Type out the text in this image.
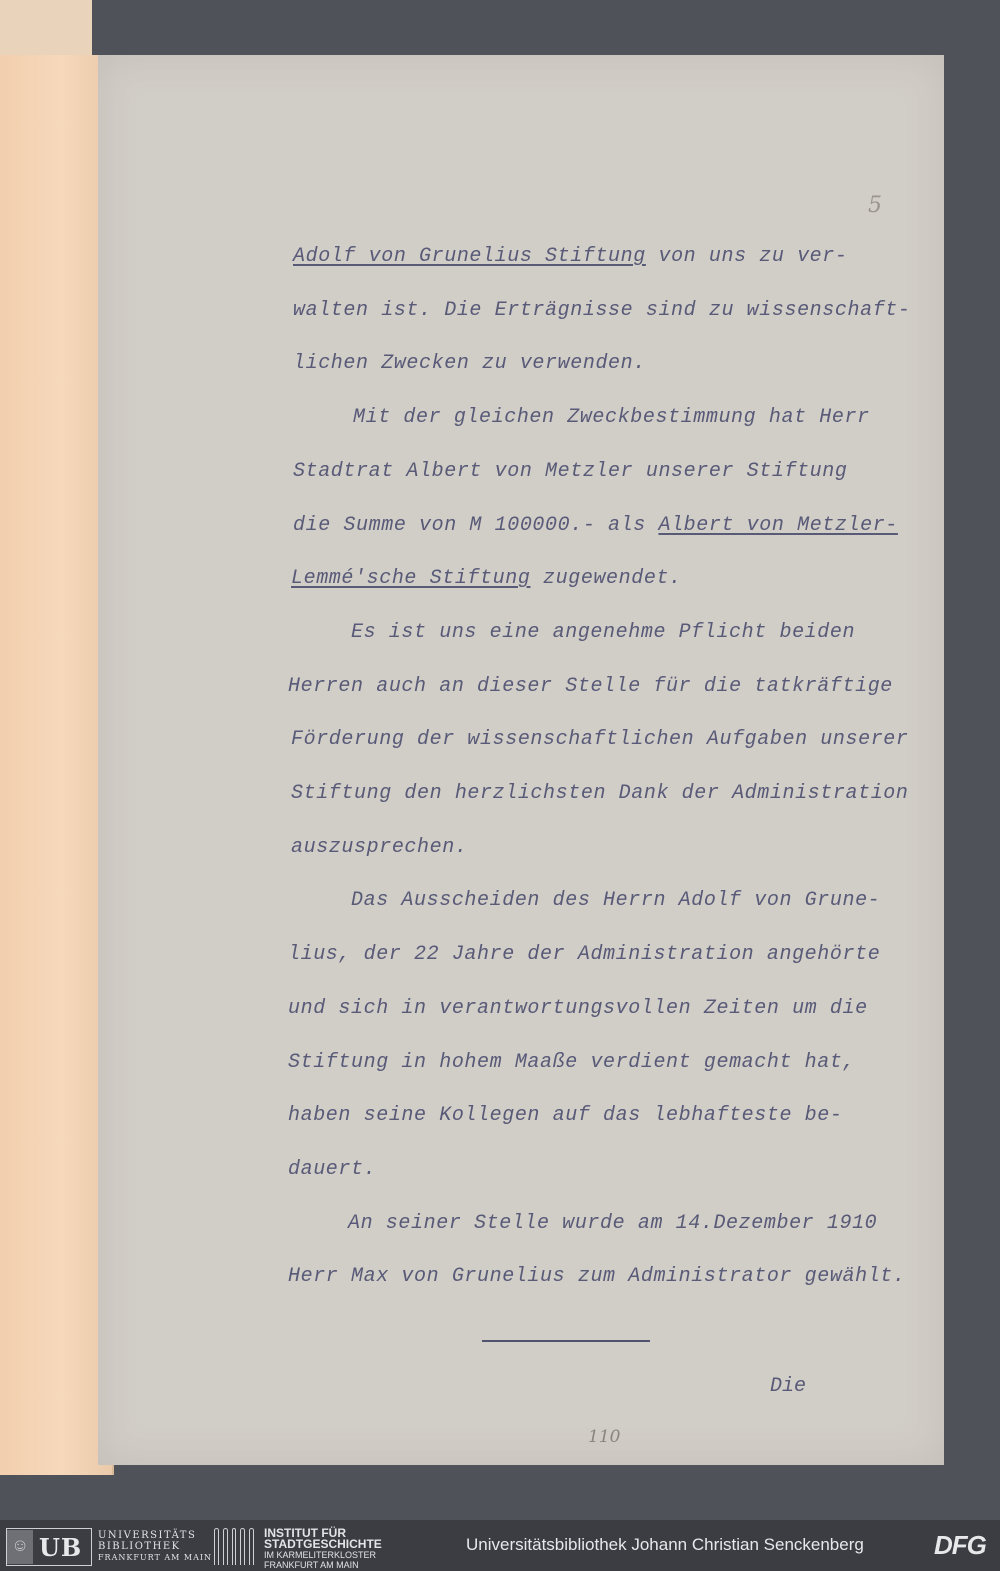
5
Adolf von Grunelius Stiftung von uns zu ver-
walten ist. Die Erträgnisse sind zu wissenschaft-
lichen Zwecken zu verwenden.
Mit der gleichen Zweckbestimmung hat Herr
Stadtrat Albert von Metzler unserer Stiftung
die Summe von M 100000.- als Albert von Metzler-
Lemmé'sche Stiftung zugewendet.
Es ist uns eine angenehme Pflicht beiden
Herren auch an dieser Stelle für die tatkräftige
Förderung der wissenschaftlichen Aufgaben unserer
Stiftung den herzlichsten Dank der Administration
auszusprechen.
Das Ausscheiden des Herrn Adolf von Grune-
lius, der 22 Jahre der Administration angehörte
und sich in verantwortungsvollen Zeiten um die
Stiftung in hohem Maaße verdient gemacht hat,
haben seine Kollegen auf das lebhafteste be-
dauert.
An seiner Stelle wurde am 14.Dezember 1910
Herr Max von Grunelius zum Administrator gewählt.
Die
110
☺ UB UNIVERSITÄTS
BIBLIOTHEK
FRANKFURT AM MAIN
INSTITUT FÜR
STADTGESCHICHTE
IM KARMELITERKLOSTER
FRANKFURT AM MAIN
Universitätsbibliothek Johann Christian Senckenberg	DFG
